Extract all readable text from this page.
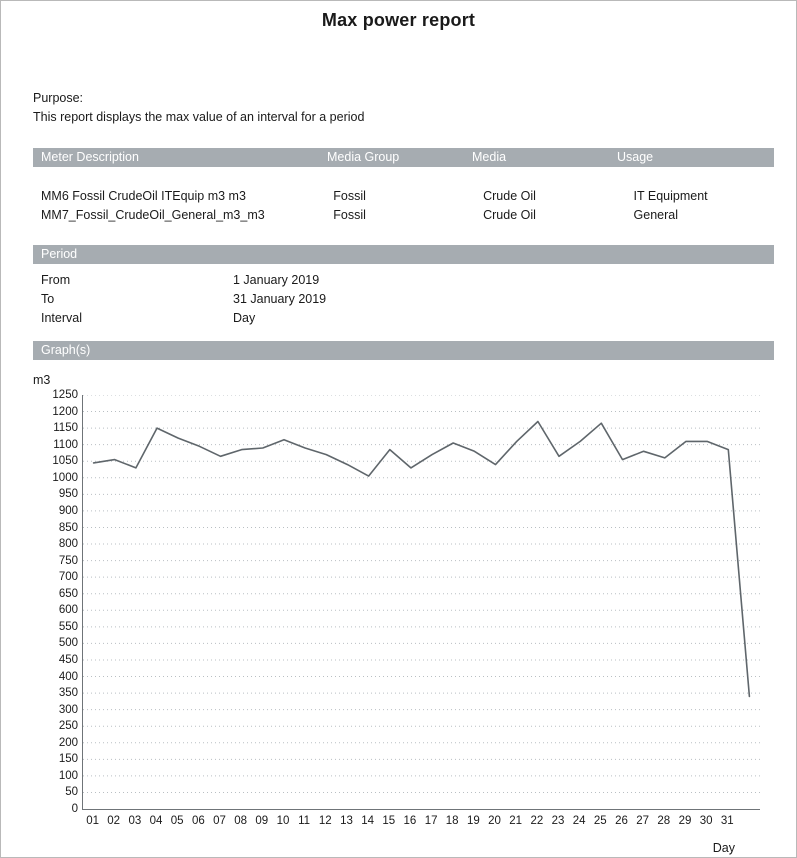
Max power report
Purpose:
This report displays the max value of an interval for a period
Meter Description	Media Group	Media	Usage
MM6 Fossil CrudeOil ITEquip m3 m3	Fossil	Crude Oil	IT Equipment
MM7_Fossil_CrudeOil_General_m3_m3	Fossil	Crude Oil	General
Period
From	1 January 2019
To	31 January 2019
Interval	Day
Graph(s)
m3
Day
0
50
100
150
200
250
300
350
400
450
500
550
600
650
700
750
800
850
900
950
1000
1050
1100
1150
1200
1250
01 02 03 04 05 06 07 08 09 10 11 12 13 14 15 16 17 18 19 20 21 22 23 24 25 26 27 28 29 30 31
